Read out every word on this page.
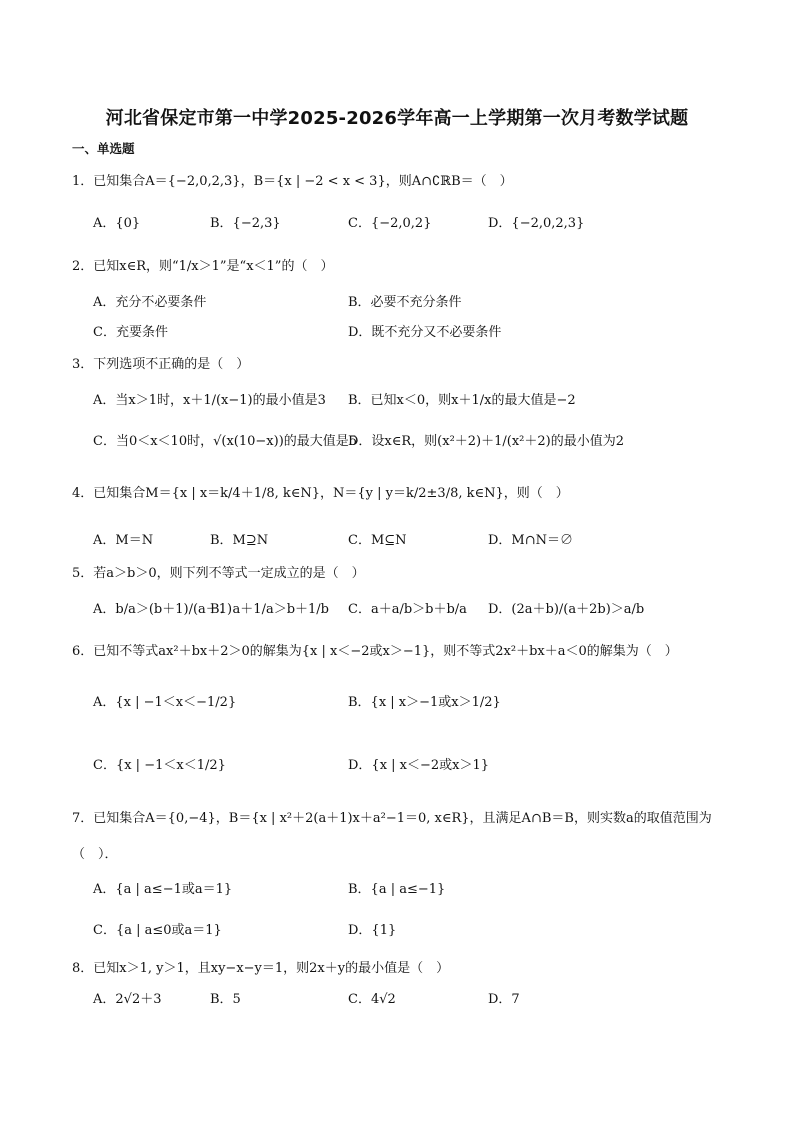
河北省保定市第一中学2025-2026学年高一上学期第一次月考数学试题
一、单选题
1．已知集合A＝{−2,0,2,3}，B＝{x | −2 < x < 3}，则A∩∁ℝB＝（　）
A．{0}	B．{−2,3}	C．{−2,0,2}	D．{−2,0,2,3}
2．已知x∈R，则“1/x＞1”是“x＜1”的（　）
A．充分不必要条件	B．必要不充分条件
C．充要条件	D．既不充分又不必要条件
3．下列选项不正确的是（　）
A．当x＞1时，x＋1/(x−1)的最小值是3 B．已知x＜0，则x＋1/x的最大值是−2
C．当0＜x＜10时，√(x(10−x))的最大值是5
D．设x∈R，则(x²＋2)＋1/(x²＋2)的最小值为2
4．已知集合M＝{x | x＝k/4＋1/8, k∈N}，N＝{y | y＝k/2±3/8, k∈N}，则（　）
A．M＝N	B．M⊇N	C．M⊆N	D．M∩N＝∅
5．若a＞b＞0，则下列不等式一定成立的是（　）
A．b/a＞(b＋1)/(a＋1)
B．a＋1/a＞b＋1/b C．a＋a/b＞b＋b/a D．(2a＋b)/(a＋2b)＞a/b
6．已知不等式ax²＋bx＋2＞0的解集为{x | x＜−2或x＞−1}，则不等式2x²＋bx＋a＜0的解集为（　）
A．{x | −1＜x＜−1/2}	B．{x | x＞−1或x＞1/2}
C．{x | −1＜x＜1/2}	D．{x | x＜−2或x＞1}
7．已知集合A＝{0,−4}，B＝{x | x²＋2(a＋1)x＋a²−1＝0, x∈R}，且满足A∩B＝B，则实数a的取值范围为
（　）．
A．{a | a≤−1或a＝1}	B．{a | a≤−1}
C．{a | a≤0或a＝1}	D．{1}
8．已知x＞1, y＞1，且xy−x−y＝1，则2x＋y的最小值是（　）
A．2√2＋3	B．5	C．4√2	D．7
